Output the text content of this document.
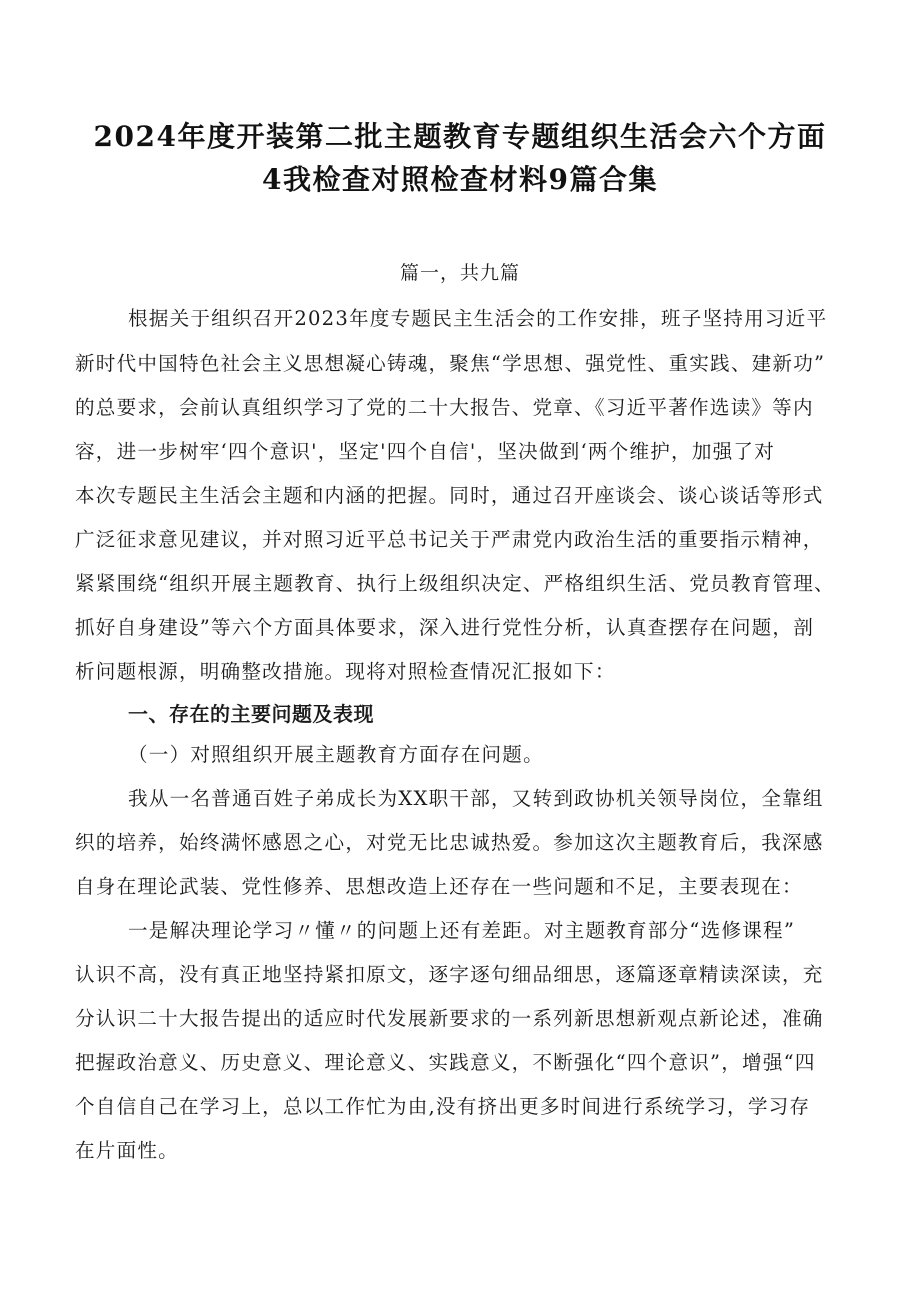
2024年度开装第二批主题教育专题组织生活会六个方面
4我检查对照检查材料9篇合集
篇一，共九篇
根据关于组织召开2023年度专题民主生活会的工作安排，班子坚持用习近平
新时代中国特色社会主义思想凝心铸魂，聚焦“学思想、强党性、重实践、建新功”
的总要求，会前认真组织学习了党的二十大报告、党章、《习近平著作选读》等内
容，进一步树牢‘四个意识'，坚定'四个自信'，坚决做到‘两个维护，加强了对
本次专题民主生活会主题和内涵的把握。同时，通过召开座谈会、谈心谈话等形式
广泛征求意见建议，并对照习近平总书记关于严肃党内政治生活的重要指示精神，
紧紧围绕“组织开展主题教育、执行上级组织决定、严格组织生活、党员教育管理、
抓好自身建设”等六个方面具体要求，深入进行党性分析，认真查摆存在问题，剖
析问题根源，明确整改措施。现将对照检查情况汇报如下：
一、存在的主要问题及表现
（一）对照组织开展主题教育方面存在问题。
我从一名普通百姓子弟成长为XX职干部，又转到政协机关领导岗位，全靠组
织的培养，始终满怀感恩之心，对党无比忠诚热爱。参加这次主题教育后，我深感
自身在理论武装、党性修养、思想改造上还存在一些问题和不足，主要表现在：
一是解决理论学习〃懂〃的问题上还有差距。对主题教育部分“选修课程”
认识不高，没有真正地坚持紧扣原文，逐字逐句细品细思，逐篇逐章精读深读，充
分认识二十大报告提出的适应时代发展新要求的一系列新思想新观点新论述，准确
把握政治意义、历史意义、理论意义、实践意义，不断强化“四个意识”，增强“四
个自信自己在学习上，总以工作忙为由,没有挤出更多时间进行系统学习，学习存
在片面性。
